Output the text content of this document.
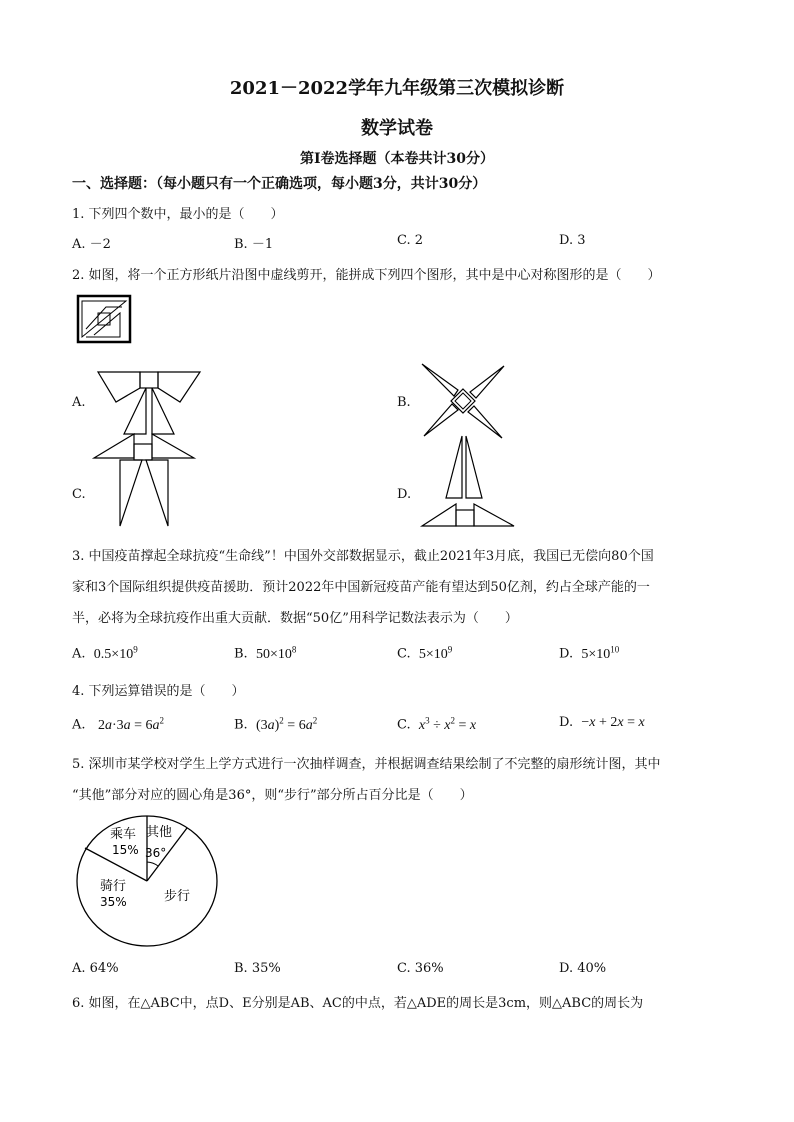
2021－2022学年九年级第三次模拟诊断
数学试卷
第Ⅰ卷选择题（本卷共计30分）
一、选择题：（每小题只有一个正确选项，每小题3分，共计30分）
1. 下列四个数中，最小的是（　　）
A. －2	B. －1	C. 2	D. 3
2. 如图，将一个正方形纸片沿图中虚线剪开，能拼成下列四个图形，其中是中心对称图形的是（　　）
A.	B.
C.	D.
3. 中国疫苗撑起全球抗疫“生命线”！中国外交部数据显示，截止2021年3月底，我国已无偿向80个国
家和3个国际组织提供疫苗援助．预计2022年中国新冠疫苗产能有望达到50亿剂，约占全球产能的一
半，必将为全球抗疫作出重大贡献．数据“50亿”用科学记数法表示为（　　）
A. $0.5\times 10^9$	B. $50\times 10^8$	C. $5\times 10^9$	D. $5\times 10^{10}$
4. 下列运算错误的是（　　）
A. $2a\cdot 3a = 6a^2$	B. $(3a)^2 = 6a^2$	C. $x^3 \div x^2 = x$	D. −x + 2x = x
5. 深圳市某学校对学生上学方式进行一次抽样调查，并根据调查结果绘制了不完整的扇形统计图，其中
“其他”部分对应的圆心角是36°，则“步行”部分所占百分比是（　　）
乘车
15%
其他
36°
骑行
35%	步行
A. 64%	B. 35%	C. 36%	D. 40%
6. 如图，在△ABC中，点D、E分别是AB、AC的中点，若△ADE的周长是3cm，则△ABC的周长为
